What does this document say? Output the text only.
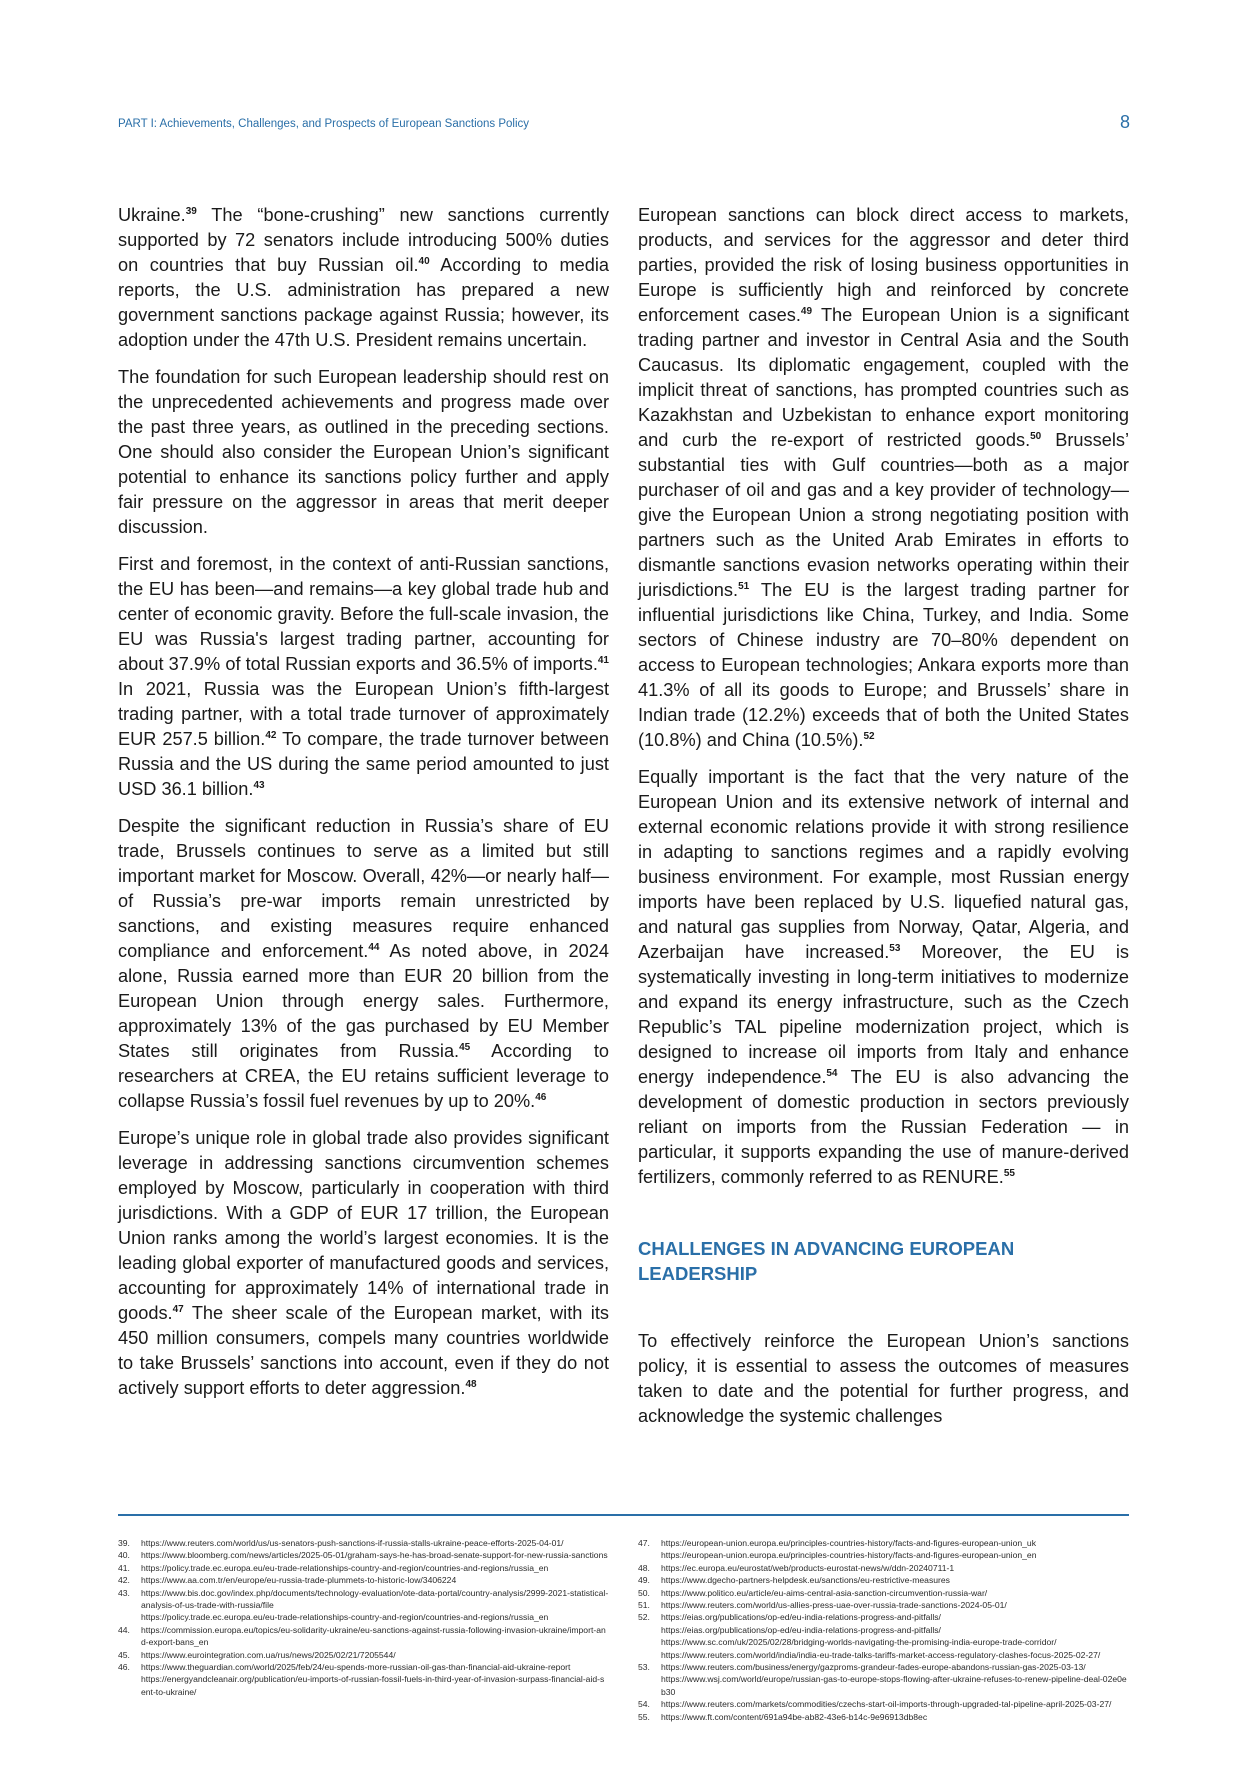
PART I: Achievements, Challenges, and Prospects of European Sanctions Policy	8

Ukraine.$^{39}$ The “bone-crushing” new sanctions currently supported by 72 senators include introducing 500% duties on countries that buy Russian oil.$^{40}$ According to media reports, the U.S. administration has prepared a new government sanctions package against Russia; however, its adoption under the 47th U.S. President remains uncertain.

The foundation for such European leadership should rest on the unprecedented achievements and progress made over the past three years, as outlined in the preceding sections. One should also consider the European Union’s significant potential to enhance its sanctions policy further and apply fair pressure on the aggressor in areas that merit deeper discussion.

First and foremost, in the context of anti-Russian sanctions, the EU has been—and remains—a key global trade hub and center of economic gravity. Before the full-scale invasion, the EU was Russia's largest trading partner, accounting for about 37.9% of total Russian exports and 36.5% of imports.$^{41}$ In 2021, Russia was the European Union’s fifth-largest trading partner, with a total trade turnover of approximately EUR 257.5 billion.$^{42}$ To compare, the trade turnover between Russia and the US during the same period amounted to just USD 36.1 billion.$^{43}$

Despite the significant reduction in Russia’s share of EU trade, Brussels continues to serve as a limited but still important market for Moscow. Overall, 42%—or nearly half—of Russia’s pre-war imports remain unrestricted by sanctions, and existing measures require enhanced compliance and enforcement.$^{44}$ As noted above, in 2024 alone, Russia earned more than EUR 20 billion from the European Union through energy sales. Furthermore, approximately 13% of the gas purchased by EU Member States still originates from Russia.$^{45}$ According to researchers at CREA, the EU retains sufficient leverage to collapse Russia’s fossil fuel revenues by up to 20%.$^{46}$

Europe’s unique role in global trade also provides significant leverage in addressing sanctions circumvention schemes employed by Moscow, particularly in cooperation with third jurisdictions. With a GDP of EUR 17 trillion, the European Union ranks among the world’s largest economies. It is the leading global exporter of manufactured goods and services, accounting for approximately 14% of international trade in goods.$^{47}$ The sheer scale of the European market, with its 450 million consumers, compels many countries worldwide to take Brussels’ sanctions into account, even if they do not actively support efforts to deter aggression.$^{48}$

European sanctions can block direct access to markets, products, and services for the aggressor and deter third parties, provided the risk of losing business opportunities in Europe is sufficiently high and reinforced by concrete enforcement cases.$^{49}$ The European Union is a significant trading partner and investor in Central Asia and the South Caucasus. Its diplomatic engagement, coupled with the implicit threat of sanctions, has prompted countries such as Kazakhstan and Uzbekistan to enhance export monitoring and curb the re-export of restricted goods.$^{50}$ Brussels’ substantial ties with Gulf countries—both as a major purchaser of oil and gas and a key provider of technology—give the European Union a strong negotiating position with partners such as the United Arab Emirates in efforts to dismantle sanctions evasion networks operating within their jurisdictions.$^{51}$ The EU is the largest trading partner for influential jurisdictions like China, Turkey, and India. Some sectors of Chinese industry are 70–80% dependent on access to European technologies; Ankara exports more than 41.3% of all its goods to Europe; and Brussels’ share in Indian trade (12.2%) exceeds that of both the United States (10.8%) and China (10.5%).$^{52}$

Equally important is the fact that the very nature of the European Union and its extensive network of internal and external economic relations provide it with strong resilience in adapting to sanctions regimes and a rapidly evolving business environment. For example, most Russian energy imports have been replaced by U.S. liquefied natural gas, and natural gas supplies from Norway, Qatar, Algeria, and Azerbaijan have increased.$^{53}$ Moreover, the EU is systematically investing in long-term initiatives to modernize and expand its energy infrastructure, such as the Czech Republic’s TAL pipeline modernization project, which is designed to increase oil imports from Italy and enhance energy independence.$^{54}$ The EU is also advancing the development of domestic production in sectors previously reliant on imports from the Russian Federation — in particular, it supports expanding the use of manure-derived fertilizers, commonly referred to as RENURE.$^{55}$

CHALLENGES IN ADVANCING EUROPEAN LEADERSHIP

To effectively reinforce the European Union’s sanctions policy, it is essential to assess the outcomes of measures taken to date and the potential for further progress, and acknowledge the systemic challenges

39.	https://www.reuters.com/world/us/us-senators-push-sanctions-if-russia-stalls-ukraine-peace-efforts-2025-04-01/
40.	https://www.bloomberg.com/news/articles/2025-05-01/graham-says-he-has-broad-senate-support-for-new-russia-sanctions
41.	https://policy.trade.ec.europa.eu/eu-trade-relationships-country-and-region/countries-and-regions/russia_en
42.	https://www.aa.com.tr/en/europe/eu-russia-trade-plummets-to-historic-low/3406224
43.	https://www.bis.doc.gov/index.php/documents/technology-evaluation/ote-data-portal/country-analysis/2999-2021-statistical-analysis-of-us-trade-with-russia/file
https://policy.trade.ec.europa.eu/eu-trade-relationships-country-and-region/countries-and-regions/russia_en
44.	https://commission.europa.eu/topics/eu-solidarity-ukraine/eu-sanctions-against-russia-following-invasion-ukraine/import-and-export-bans_en
45.	https://www.eurointegration.com.ua/rus/news/2025/02/21/7205544/
46.	https://www.theguardian.com/world/2025/feb/24/eu-spends-more-russian-oil-gas-than-financial-aid-ukraine-report
https://energyandcleanair.org/publication/eu-imports-of-russian-fossil-fuels-in-third-year-of-invasion-surpass-financial-aid-sent-to-ukraine/
47.	https://european-union.europa.eu/principles-countries-history/facts-and-figures-european-union_uk
https://european-union.europa.eu/principles-countries-history/facts-and-figures-european-union_en
48.	https://ec.europa.eu/eurostat/web/products-eurostat-news/w/ddn-20240711-1
49.	https://www.dgecho-partners-helpdesk.eu/sanctions/eu-restrictive-measures
50.	https://www.politico.eu/article/eu-aims-central-asia-sanction-circumvention-russia-war/
51.	https://www.reuters.com/world/us-allies-press-uae-over-russia-trade-sanctions-2024-05-01/
52.	https://eias.org/publications/op-ed/eu-india-relations-progress-and-pitfalls/
https://eias.org/publications/op-ed/eu-india-relations-progress-and-pitfalls/
https://www.sc.com/uk/2025/02/28/bridging-worlds-navigating-the-promising-india-europe-trade-corridor/
https://www.reuters.com/world/india/india-eu-trade-talks-tariffs-market-access-regulatory-clashes-focus-2025-02-27/
53.	https://www.reuters.com/business/energy/gazproms-grandeur-fades-europe-abandons-russian-gas-2025-03-13/
https://www.wsj.com/world/europe/russian-gas-to-europe-stops-flowing-after-ukraine-refuses-to-renew-pipeline-deal-02e0eb30
54.	https://www.reuters.com/markets/commodities/czechs-start-oil-imports-through-upgraded-tal-pipeline-april-2025-03-27/
55.	https://www.ft.com/content/691a94be-ab82-43e6-b14c-9e96913db8ec
